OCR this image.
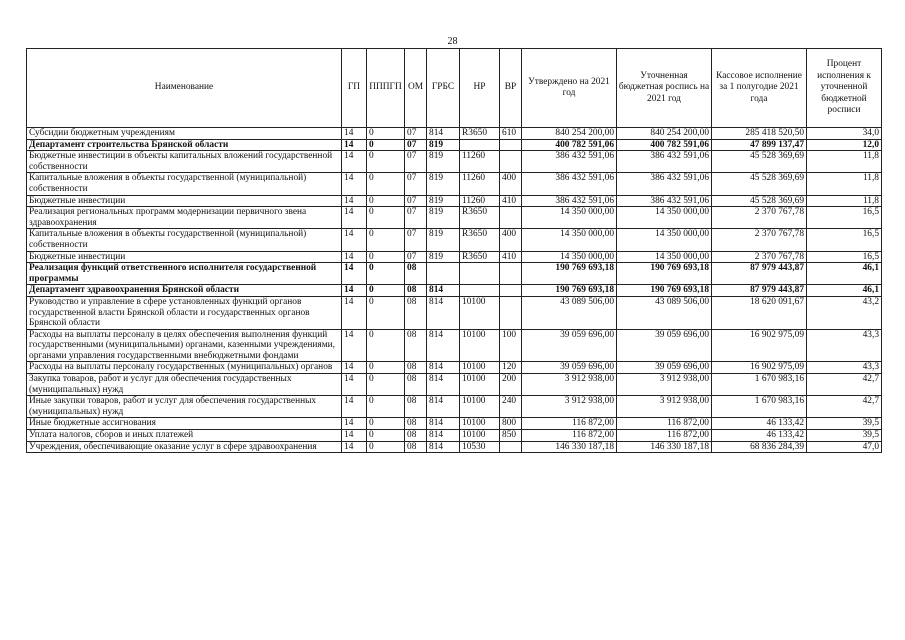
28
Наименование	ГП	ПППГП	ОМ	ГРБС	НР	ВР	Утверждено на 2021 год	Уточненная бюджетная роспись на 2021 год	Кассовое исполнение за 1 полугодие 2021 года	Процент исполнения к уточненной бюджетной росписи
Субсидии бюджетным учреждениям	14	0	07	814	R3650	610	840 254 200,00	840 254 200,00	285 418 520,50	34,0
Департамент строительства Брянской области	14	0	07	819			400 782 591,06	400 782 591,06	47 899 137,47	12,0
Бюджетные инвестиции в объекты капитальных вложений государственной собственности	14	0	07	819	11260		386 432 591,06	386 432 591,06	45 528 369,69	11,8
Капитальные вложения в объекты государственной (муниципальной) собственности	14	0	07	819	11260	400	386 432 591,06	386 432 591,06	45 528 369,69	11,8
Бюджетные инвестиции	14	0	07	819	11260	410	386 432 591,06	386 432 591,06	45 528 369,69	11,8
Реализация региональных программ модернизации первичного звена здравоохранения	14	0	07	819	R3650		14 350 000,00	14 350 000,00	2 370 767,78	16,5
Капитальные вложения в объекты государственной (муниципальной) собственности	14	0	07	819	R3650	400	14 350 000,00	14 350 000,00	2 370 767,78	16,5
Бюджетные инвестиции	14	0	07	819	R3650	410	14 350 000,00	14 350 000,00	2 370 767,78	16,5
Реализация функций ответственного исполнителя государственной программы	14	0	08				190 769 693,18	190 769 693,18	87 979 443,87	46,1
Департамент здравоохранения Брянской области	14	0	08	814			190 769 693,18	190 769 693,18	87 979 443,87	46,1
Руководство и управление в сфере установленных функций органов государственной власти Брянской области и государственных органов Брянской области	14	0	08	814	10100		43 089 506,00	43 089 506,00	18 620 091,67	43,2
Расходы на выплаты персоналу в целях обеспечения выполнения функций государственными (муниципальными) органами, казенными учреждениями, органами управления государственными внебюджетными фондами	14	0	08	814	10100	100	39 059 696,00	39 059 696,00	16 902 975,09	43,3
Расходы на выплаты персоналу государственных (муниципальных) органов	14	0	08	814	10100	120	39 059 696,00	39 059 696,00	16 902 975,09	43,3
Закупка товаров, работ и услуг для обеспечения государственных (муниципальных) нужд	14	0	08	814	10100	200	3 912 938,00	3 912 938,00	1 670 983,16	42,7
Иные закупки товаров, работ и услуг для обеспечения государственных (муниципальных) нужд	14	0	08	814	10100	240	3 912 938,00	3 912 938,00	1 670 983,16	42,7
Иные бюджетные ассигнования	14	0	08	814	10100	800	116 872,00	116 872,00	46 133,42	39,5
Уплата налогов, сборов и иных платежей	14	0	08	814	10100	850	116 872,00	116 872,00	46 133,42	39,5
Учреждения, обеспечивающие оказание услуг в сфере здравоохранения	14	0	08	814	10530		146 330 187,18	146 330 187,18	68 836 284,39	47,0
